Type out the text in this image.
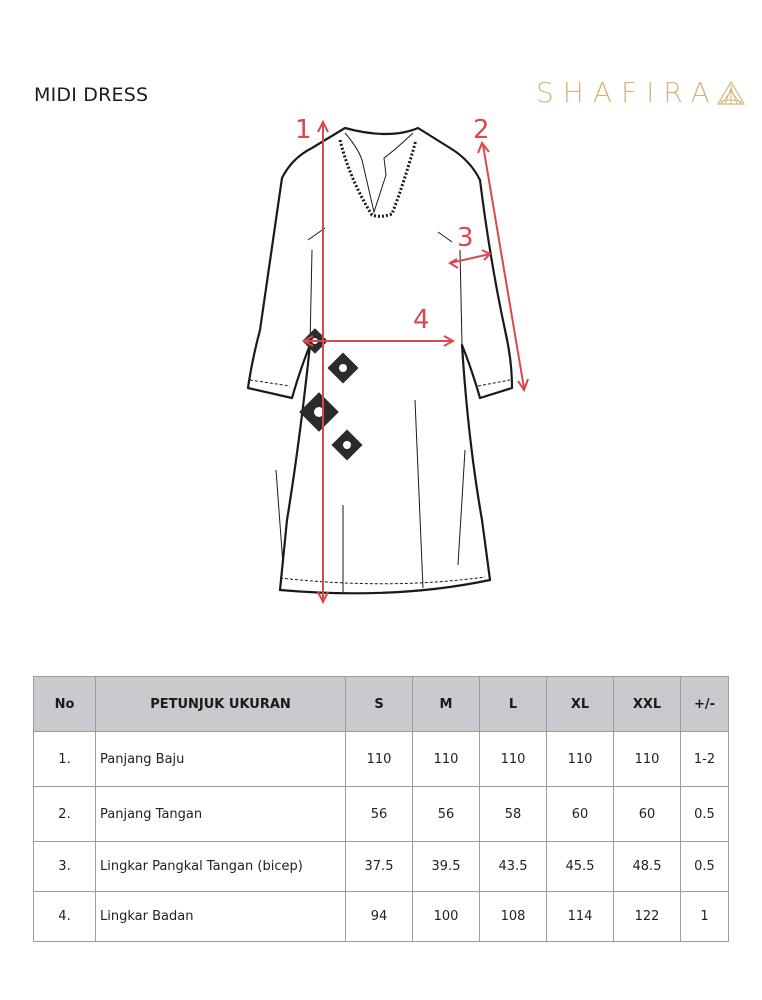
MIDI DRESS	SHAFIRA
1	2
3
4
No	PETUNJUK UKURAN	S	M	L	XL	XXL	+/-
1.	Panjang Baju	110	110	110	110	110	1-2
2.	Panjang Tangan	56	56	58	60	60	0.5
3.	Lingkar Pangkal Tangan (bicep)	37.5	39.5	43.5	45.5	48.5	0.5
4.	Lingkar Badan	94	100	108	114	122	1
